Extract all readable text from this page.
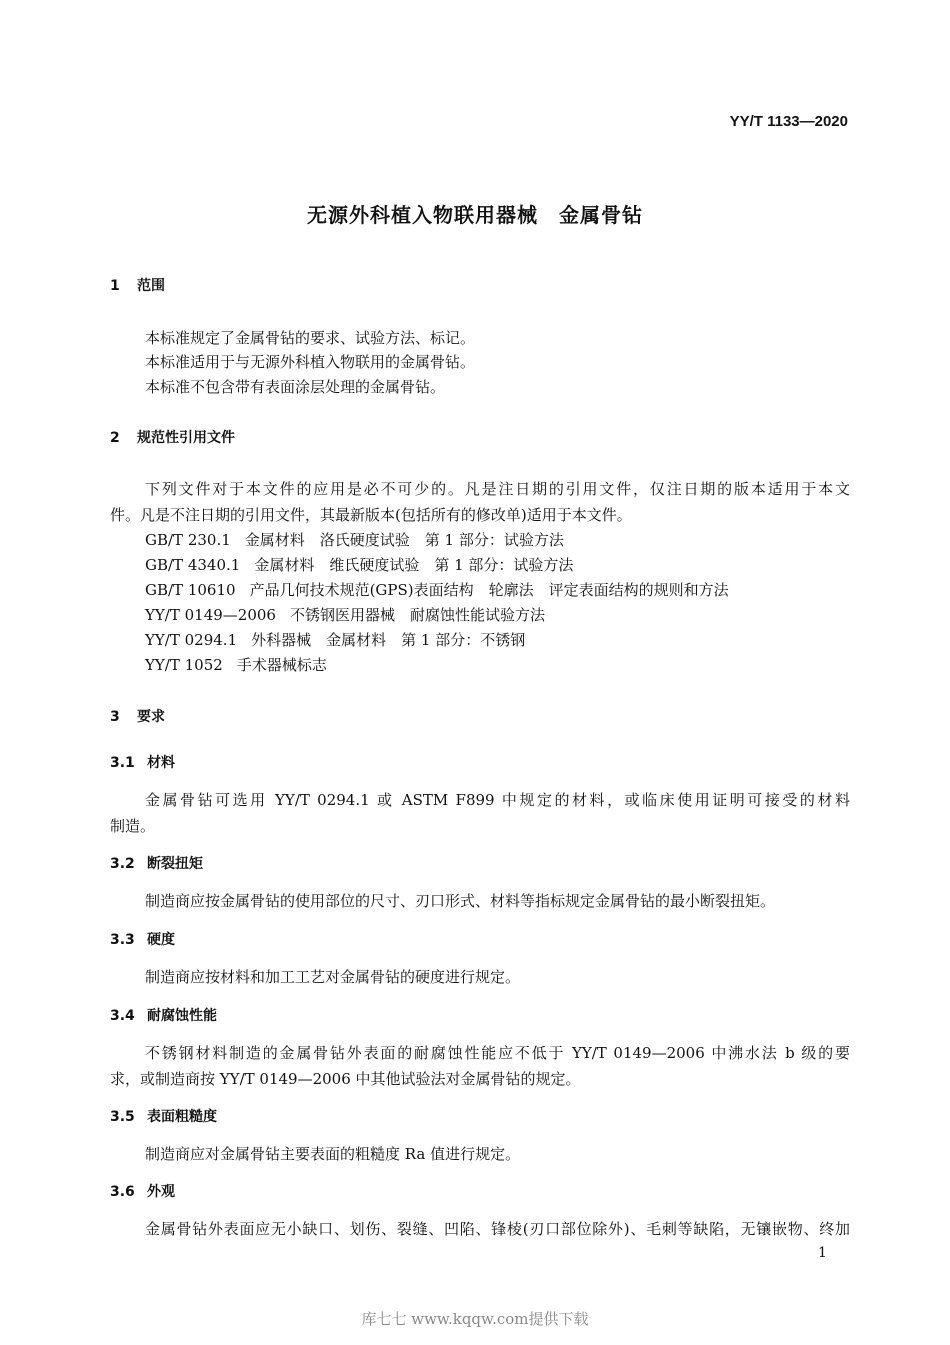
YY/T 1133—2020
无源外科植入物联用器械　金属骨钻
1 范围
本标准规定了金属骨钻的要求、试验方法、标记。
本标准适用于与无源外科植入物联用的金属骨钻。
本标准不包含带有表面涂层处理的金属骨钻。
2 规范性引用文件
下列文件对于本文件的应用是必不可少的。凡是注日期的引用文件，仅注日期的版本适用于本文
件。凡是不注日期的引用文件，其最新版本(包括所有的修改单)适用于本文件。
GB/T 230.1 金属材料　洛氏硬度试验　第 1 部分：试验方法
GB/T 4340.1 金属材料　维氏硬度试验　第 1 部分：试验方法
GB/T 10610 产品几何技术规范(GPS)表面结构　轮廓法　评定表面结构的规则和方法
YY/T 0149—2006 不锈钢医用器械　耐腐蚀性能试验方法
YY/T 0294.1 外科器械　金属材料　第 1 部分：不锈钢
YY/T 1052 手术器械标志
3 要求
3.1 材料
金属骨钻可选用 YY/T 0294.1 或 ASTM F899 中规定的材料，或临床使用证明可接受的材料
制造。
3.2 断裂扭矩
制造商应按金属骨钻的使用部位的尺寸、刃口形式、材料等指标规定金属骨钻的最小断裂扭矩。
3.3 硬度
制造商应按材料和加工工艺对金属骨钻的硬度进行规定。
3.4 耐腐蚀性能
不锈钢材料制造的金属骨钻外表面的耐腐蚀性能应不低于 YY/T 0149—2006 中沸水法 b 级的要
求，或制造商按 YY/T 0149—2006 中其他试验法对金属骨钻的规定。
3.5 表面粗糙度
制造商应对金属骨钻主要表面的粗糙度 Ra 值进行规定。
3.6 外观
金属骨钻外表面应无小缺口、划伤、裂缝、凹陷、锋棱(刃口部位除外)、毛刺等缺陷，无镶嵌物、终加
1
库七七 www.kqqw.com提供下载
